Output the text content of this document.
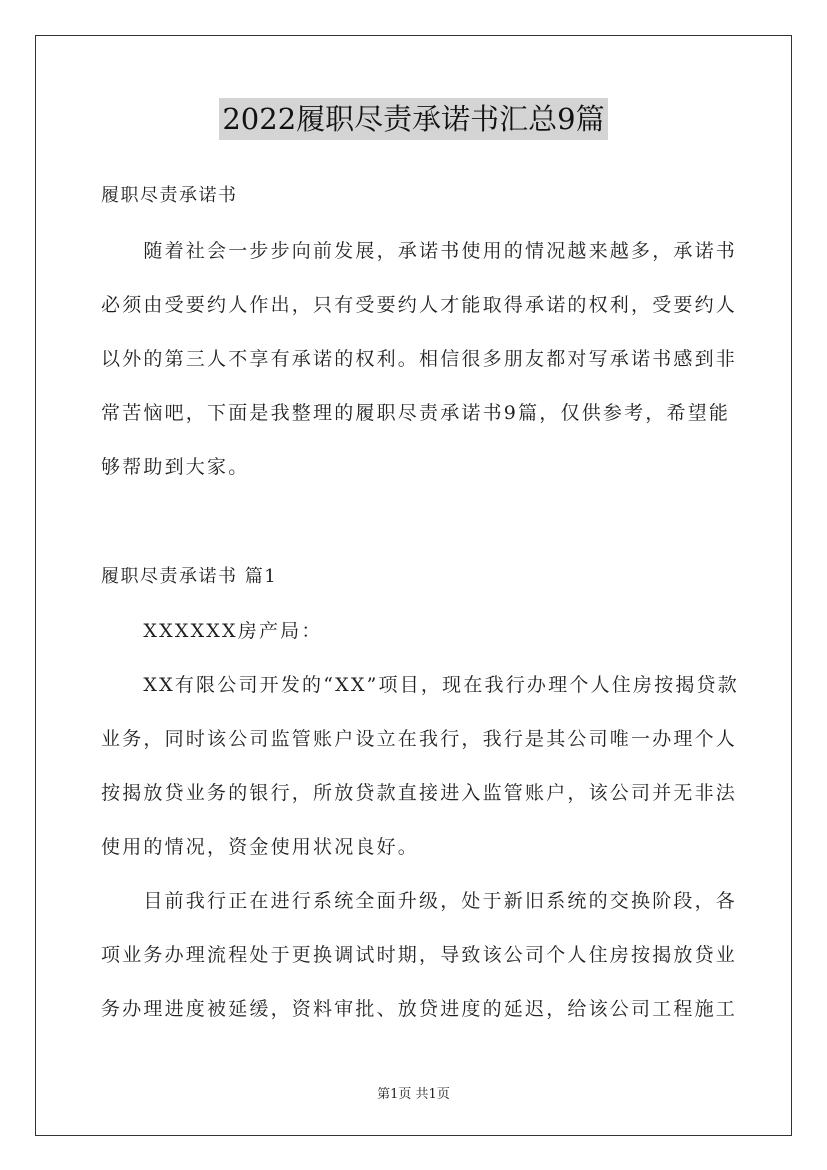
2022履职尽责承诺书汇总9篇
履职尽责承诺书
　　随着社会一步步向前发展，承诺书使用的情况越来越多，承诺书
必须由受要约人作出，只有受要约人才能取得承诺的权利，受要约人
以外的第三人不享有承诺的权利。相信很多朋友都对写承诺书感到非
常苦恼吧，下面是我整理的履职尽责承诺书9篇，仅供参考，希望能
够帮助到大家。
履职尽责承诺书 篇1
　　XXXXXX房产局：
　　XX有限公司开发的“XX”项目，现在我行办理个人住房按揭贷款
业务，同时该公司监管账户设立在我行，我行是其公司唯一办理个人
按揭放贷业务的银行，所放贷款直接进入监管账户，该公司并无非法
使用的情况，资金使用状况良好。
　　目前我行正在进行系统全面升级，处于新旧系统的交换阶段，各
项业务办理流程处于更换调试时期，导致该公司个人住房按揭放贷业
务办理进度被延缓，资料审批、放贷进度的延迟，给该公司工程施工
第1页 共1页
